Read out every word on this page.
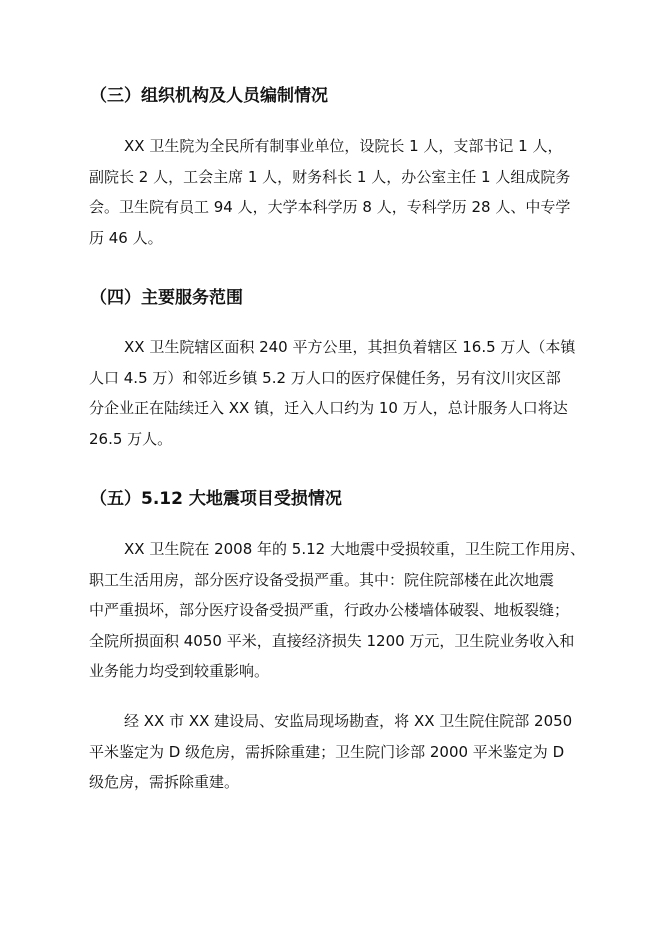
（三）组织机构及人员编制情况
XX 卫生院为全民所有制事业单位，设院长 1 人，支部书记 1 人，
副院长 2 人，工会主席 1 人，财务科长 1 人，办公室主任 1 人组成院务
会。卫生院有员工 94 人，大学本科学历 8 人，专科学历 28 人、中专学
历 46 人。
（四）主要服务范围
XX 卫生院辖区面积 240 平方公里，其担负着辖区 16.5 万人（本镇
人口 4.5 万）和邻近乡镇 5.2 万人口的医疗保健任务，另有汶川灾区部
分企业正在陆续迁入 XX 镇，迁入人口约为 10 万人，总计服务人口将达
26.5 万人。
（五）5.12 大地震项目受损情况
XX 卫生院在 2008 年的 5.12 大地震中受损较重，卫生院工作用房、
职工生活用房，部分医疗设备受损严重。其中：院住院部楼在此次地震
中严重损坏，部分医疗设备受损严重，行政办公楼墙体破裂、地板裂缝；
全院所损面积 4050 平米，直接经济损失 1200 万元，卫生院业务收入和
业务能力均受到较重影响。
经 XX 市 XX 建设局、安监局现场勘查，将 XX 卫生院住院部 2050
平米鉴定为 D 级危房，需拆除重建；卫生院门诊部 2000 平米鉴定为 D
级危房，需拆除重建。
